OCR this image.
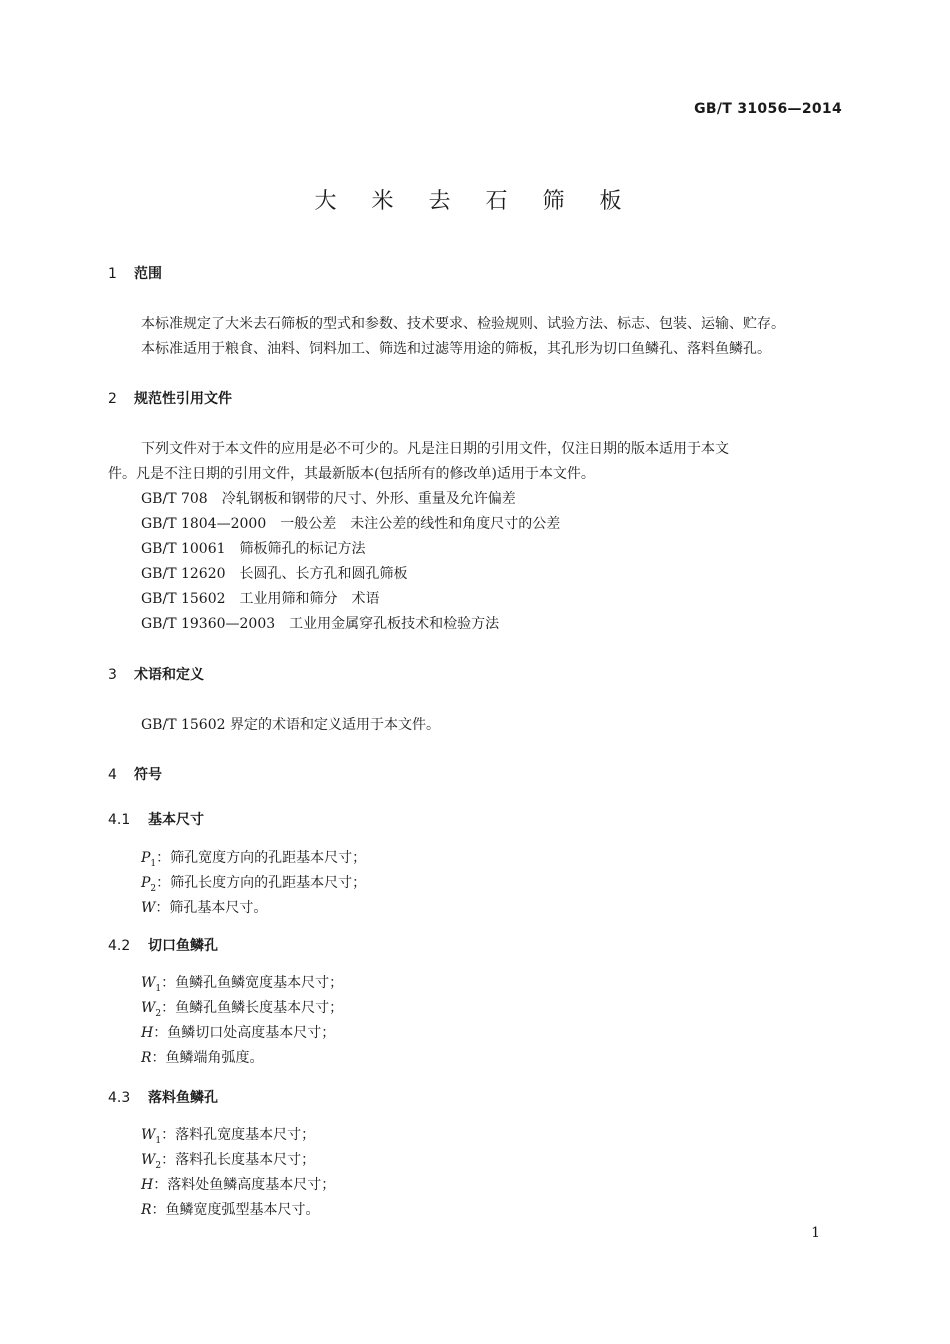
GB/T 31056—2014
大 米 去 石 筛 板
1 范围
本标准规定了大米去石筛板的型式和参数、技术要求、检验规则、试验方法、标志、包装、运输、贮存。
本标准适用于粮食、油料、饲料加工、筛选和过滤等用途的筛板，其孔形为切口鱼鳞孔、落料鱼鳞孔。
2 规范性引用文件
下列文件对于本文件的应用是必不可少的。凡是注日期的引用文件，仅注日期的版本适用于本文
件。凡是不注日期的引用文件，其最新版本(包括所有的修改单)适用于本文件。
GB/T 708　冷轧钢板和钢带的尺寸、外形、重量及允许偏差
GB/T 1804—2000　一般公差　未注公差的线性和角度尺寸的公差
GB/T 10061　筛板筛孔的标记方法
GB/T 12620　长圆孔、长方孔和圆孔筛板
GB/T 15602　工业用筛和筛分　术语
GB/T 19360—2003　工业用金属穿孔板技术和检验方法
3 术语和定义
GB/T 15602 界定的术语和定义适用于本文件。
4 符号
4.1 基本尺寸
$P_1$：筛孔宽度方向的孔距基本尺寸；
$P_2$：筛孔长度方向的孔距基本尺寸；
W：筛孔基本尺寸。
4.2 切口鱼鳞孔
$W_1$：鱼鳞孔鱼鳞宽度基本尺寸；
$W_2$：鱼鳞孔鱼鳞长度基本尺寸；
H：鱼鳞切口处高度基本尺寸；
R：鱼鳞端角弧度。
4.3 落料鱼鳞孔
$W_1$：落料孔宽度基本尺寸；
$W_2$：落料孔长度基本尺寸；
H：落料处鱼鳞高度基本尺寸；
R：鱼鳞宽度弧型基本尺寸。
1
